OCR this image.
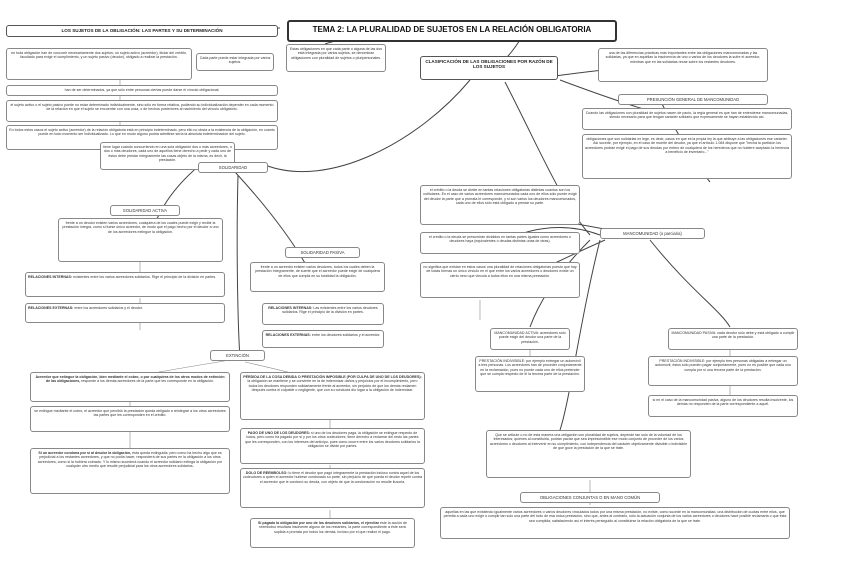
TEMA 2: LA PLURALIDAD DE SUJETOS EN LA RELACIÓN OBLIGATORIA
LOS SUJETOS DE LA OBLIGACIÓN: LAS PARTES Y SU DETERMINACIÓN
en toda obligación han de concurrir necesariamente dos sujetos: un sujeto activo (acreedor), titular del crédito, facultado para exigir el cumplimiento, y un sujeto pasivo (deudor), obligado a realizar la prestación.	Cada parte puede estar integrada por varios sujetos.
han de ser determinados, ya que sólo entre personas ciertas puede darse el vínculo obligacional.
el sujeto activo o el sujeto pasivo puede no estar determinado individualmente, sino sólo en forma relativa, pudiendo su individualización depender en cada momento de la relación en que el sujeto se encuentre con una cosa, o de hechos posteriores al nacimiento del vínculo obligatorio.
En todos estos casos el sujeto activo (acreedor) de la relación obligatoria está en principio indeterminado, pero ello no obsta a la existencia de la obligación, en cuanto puede en todo momento ser individualizado. Lo que en modo alguno podría admitirse sería la absoluta indeterminación del sujeto.
Estas obligaciones en que cada parte o alguna de las dos está integrada por varios sujetos, se denominan obligaciones con pluralidad de sujetos o pluripersonales.
CLASIFICACIÓN DE LAS OBLIGACIONES POR RAZÓN DE LOS SUJETOS
una de las diferencias prácticas más importantes entre las obligaciones mancomunadas y las solidarias, ya que en aquéllas la insolvencia de uno o varios de los deudores la sufre el acreedor, mientras que en las solidarias recae sobre los restantes deudores.
PRESUNCIÓN GENERAL DE MANCOMUNIDAD
Cuando las obligaciones con pluralidad de sujetos nacen de pacto, la regla general es que han de entenderse mancomunadas, siendo necesario para que tengan carácter solidario que expresamente se hayan establecido así.
obligaciones que son solidarias ex lege, es decir, casos en que es la propia ley la que atribuye a las obligaciones ese carácter. Así sucede, por ejemplo, en el caso de muerte del deudor, ya que el artículo 1.084 dispone que "hecha la partición los acreedores podrán exigir el pago de sus deudas por entero de cualquiera de los herederos que no hubiere aceptado la herencia a beneficio de inventario..."
tiene lugar cuando concurriendo en una sola obligación dos o más acreedores, o dos o más deudores, cada uno de aquéllos tiene derecho a pedir y cada uno de éstos debe prestar íntegramente las cosas objeto de la misma, es decir, la prestación.
SOLIDARIDAD
SOLIDARIDAD ACTIVA
frente a un deudor existen varios acreedores, cualquiera de los cuales puede exigir y recibir la prestación íntegra, como si fuese único acreedor, de modo que el pago hecho por el deudor a uno de los acreedores extingue la obligación.
RELACIONES INTERNAS: existentes entre los varios acreedores solidarios. Rige el principio de la división en partes.
RELACIONES EXTERNAS: entre los acreedores solidarios y el deudor.
SOLIDARIDAD PASIVA
frente a un acreedor existen varios deudores, todos los cuales deben la prestación íntegramente, de suerte que el acreedor puede exigir de cualquiera de ellos que cumpla en su totalidad la obligación.
RELACIONES INTERNAS: Las existentes entre los varios deudores solidarios. Rige el principio de la división en partes.
RELACIONES EXTERNAS: entre los deudores solidarios y el acreedor.
EXTINCIÓN
Acreedor que extingue la obligación, bien mediante el cobro, o por cualquiera de los otros modos de extinción de las obligaciones, responde a los demás acreedores de la parte que les corresponde en la obligación.
se extingue mediante el cobro, el acreedor que percibió la prestación queda obligado a reintegrar a los otros acreedores las partes que les corresponden en el crédito.
Si un acreedor condona por sí al deudor la obligación, ésta queda extinguida; pero como ha hecho algo que es perjudicial a los restantes acreedores, y que no podía hacer, responderá de sus partes en la obligación a los otros acreedores, como si la hubiera cobrado. Y lo mismo sucederá cuando el acreedor solidario extinga la obligación por cualquier otro medio que resulte perjudicial para los otros acreedores solidarios.
PÉRDIDA DE LA COSA DEBIDA O PRESTACIÓN IMPOSIBLE (POR CULPA DE UNO DE LOS DEUDORES): la obligación se mantiene y se convierte en la de indemnizar daños y perjuicios por el incumplimiento, pero todos los deudores responden solidariamente frente al acreedor, sin perjuicio de que los demás reclamen después contra el culpable o negligente, que con su conducta dio lugar a la obligación de indemnizar.
PAGO DE UNO DE LOS DEUDORES: si uno de los deudores paga, la obligación se extingue respecto de todos, pero como ha pagado por sí y por los otros codeudores, tiene derecho a reclamar del resto las partes que les corresponden, con los intereses del anticipo, pues como ocurre entre los varios deudores solidarios la obligación se divide por partes.
DOLO DE REEMBOLSO: lo tiene el deudor que pagó íntegramente la prestación incluso contra aquel de los codeudores a quien el acreedor hubiese condonado su parte, sin perjuicio de que pueda el deudor repetir contra el acreedor que le condonó su deuda, con objeto de que la condonación no resulte ilusoria.
Si pagado la obligación por uno de los deudores solidarios, el ejercitar éste la acción de reembolso resultara insolvente alguno de los restantes, la parte correspondiente a éste será suplida a prorrata por todos los demás, incluso por el que realizó el pago.
el crédito o la deuda se divide en tantas relaciones obligatorias distintas cuantos son los cotitulares. En el caso de varios acreedores mancomunados cada uno de ellos sólo puede exigir del deudor la parte que a prorrata le corresponde, y si son varios los deudores mancomunados, cada uno de ellos sólo está obligado a prestar su parte.
el crédito o la deuda se presumirán divididos en tantas partes iguales como acreedores o deudores haya (equivalentes o deudas distintas unas de otras).
no significa que existan en estos casos una pluralidad de relaciones obligatorias puesto que hay de todas formas un único vínculo en el que entre los varios acreedores o deudores existe un cierto nexo que vincula a todos ellos en una misma prestación.
MANCOMUNIDAD (o parciaria)
MANCOMUNIDAD ACTIVA: acreedores sólo puede exigir del deudor una parte de la prestación.
PRESTACIÓN INDIVISIBLE: por ejemplo entregar un automóvil a tres personas. Los acreedores han de proceder conjuntamente en la reclamación, pues no puede cada uno de ellos pretender que se cumpla respecto de él la tercera parte de la prestación.
MANCOMUNIDAD PASIVA: cada deudor sólo debe y está obligado a cumplir una parte de la prestación.
PRESTACIÓN INDIVISIBLE: por ejemplo tres personas obligadas a entregar un automóvil; éstos sólo pueden pagar conjuntamente, pues no es posible que cada uno cumpla por sí una tercera parte de la prestación.
si en el caso de la mancomunidad pasiva, alguno de los deudores resulta insolvente, los demás no responden de la parte correspondiente a aquél.
Que se articule o no de esta manera una obligación con pluralidad de sujetos, depende tan solo de la voluntad de los interesados; quienes al constituirla, podrán pactar que sea imprescindible ese modo conjunto de proceder de los varios acreedores o deudores al intervenir en su cumplimiento, con independencia del carácter objetivamente divisible o indivisible de que goce la prestación de la que se trate.
OBLIGACIONES CONJUNTAS O EN MANO COMÚN
aquellas en las que existiendo igualmente varios acreedores o varios deudores vinculados todos por una misma prestación, no existe, como sucede en la mancomunidad, una distribución de cuotas entre ellos, que permita a cada uno exigir o cumplir tan solo una parte del todo de esa única prestación, sino que, antes al contrario, sólo la actuación conjunta de los varios acreedores o deudores hace posible reclamarla o que ésta sea cumplida, satisfaciendo así el interés perseguido al constituirse la relación obligatoria de la que se trate.
